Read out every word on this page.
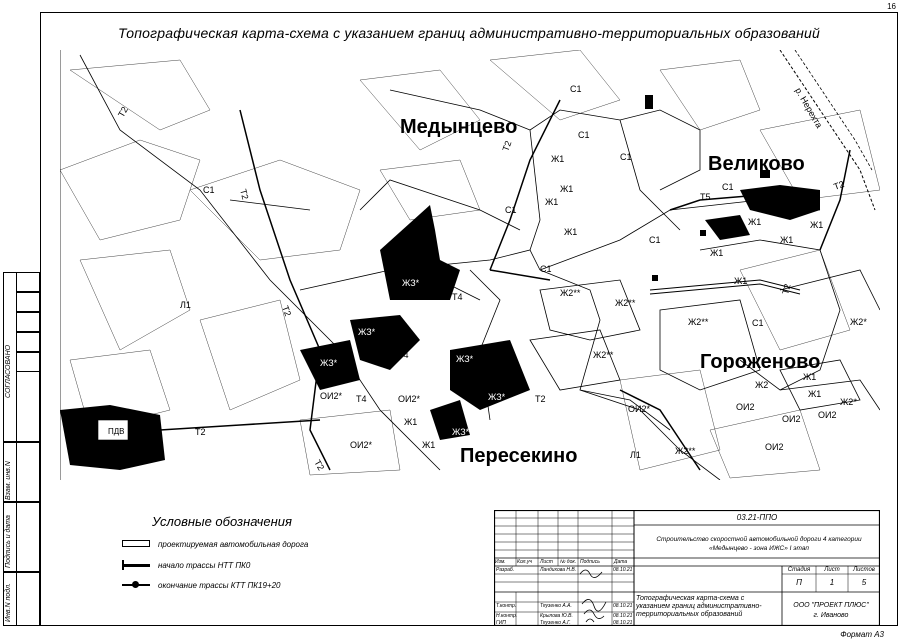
16
Топографическая карта-схема с указанием границ административно-территориальных образований
Медынцево
Великово
Гороженово
Пересекино
р. Нерехта
Т2
Т2
Т2
Т2
Т2
Т2
Т2
Т5
Т2
Т2
С1
С1
С1
С1
С1
С1
С1
С1
С1
Ж1
Ж1
Ж1
Ж1
Ж1
Ж1
Ж1
Ж1
Ж1
Ж1
Ж1
Ж1
Ж1
Ж1
Ж2**
Ж2**
Ж2**
Ж2**
Ж2**
Ж2*
Ж2
Ж2*
ОИ2*	ОИ2
ОИ2 ОИ2
ОИ2
ОИ2*	ОИ2*
ОИ2*
Т4
Т4
Т4
Л1
Л1
ЖЗ*
ЖЗ*
ЖЗ*	ЖЗ*
ЖЗ*
ЖЗ*
ЖЗ*
ПДВ
СОГЛАСОВАНО
Взам. инв.N
Подпись и дата
Инв.N подл.
Условные обозначения
проектируемая автомобильная дорога
начало трассы НТТ ПК0
окончание трассы КТТ ПК19+20
03.21-ППО
Строительство скоростной автомобильной дороги 4 категории «Медынцево - зона ИЖС» I этап
Изм.	Кол.уч	Лист	№ док. Подпись	Дата
Разраб.	Ландихова Н.В.	08.10.21
Т.контр.	Тяузенко А.А.	08.10.21
Н.контр.	Крылова Ю.В.	08.10.21
ГИП	Тяузенко А.Г.	08.10.21
Топографическая карта-схема с указанием границ административно-территориальных образований
Стадия	Лист	Листов
П	1	5
ООО "ПРОЕКТ ПЛЮС"
г. Иваново
Формат А3
